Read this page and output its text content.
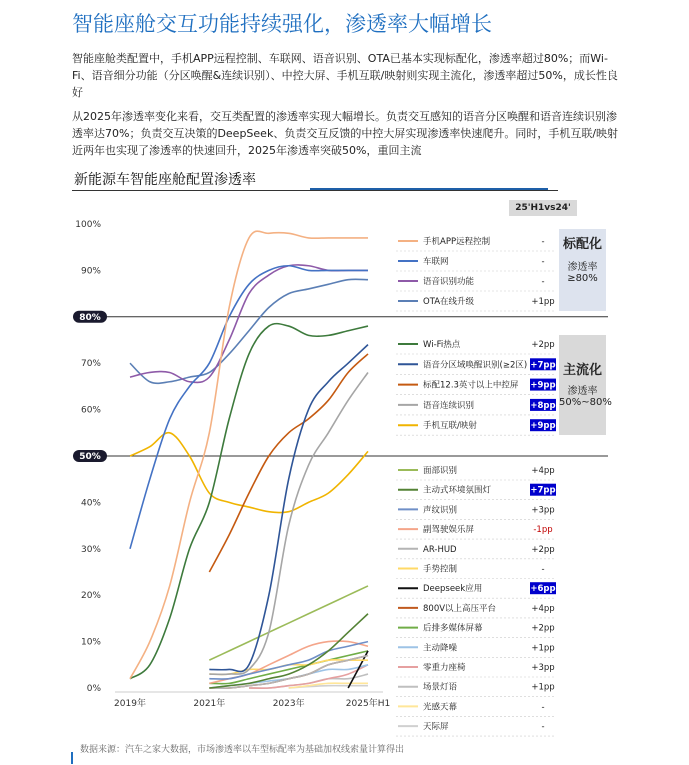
智能座舱交互功能持续强化，渗透率大幅增长
智能座舱类配置中，手机APP远程控制、车联网、语音识别、OTA已基本实现标配化，渗透率超过80%；而Wi-Fi、语音细分功能（分区唤醒&连续识别）、中控大屏、手机互联/映射则实现主流化，渗透率超过50%，成长性良好
从2025年渗透率变化来看，交互类配置的渗透率实现大幅增长。负责交互感知的语音分区唤醒和语音连续识别渗透率达70%；负责交互决策的DeepSeek、负责交互反馈的中控大屏实现渗透率快速爬升。同时，手机互联/映射近两年也实现了渗透率的快速回升，2025年渗透率突破50%，重回主流
新能源车智能座舱配置渗透率
25'H1vs24'
标配化
渗透率
≥80%
主流化
渗透率
50%~80%
0%
10%
20%
30%
40%
60%
70%
90%
100%
80%
50%
2019年	2021年	2023年	2025年H1
手机APP远程控制	-
车联网	-
语音识别功能	-
OTA在线升级	+1pp
Wi-Fi热点	+2pp
语音分区域唤醒识别(≥2区) +7pp
标配12.3英寸以上中控屏 +9pp
语音连续识别	+8pp
手机互联/映射	+9pp
面部识别	+4pp
主动式环境氛围灯	+7pp
声纹识别	+3pp
副驾驶娱乐屏	-1pp
AR-HUD	+2pp
手势控制	-
Deepseek应用	+6pp
800V以上高压平台	+4pp
后排多媒体屏幕	+2pp
主动降噪	+1pp
零重力座椅	+3pp
场景灯语	+1pp
光感天幕	-
天际屏	-
数据来源：汽车之家大数据，市场渗透率以车型标配率为基础加权线索量计算得出
